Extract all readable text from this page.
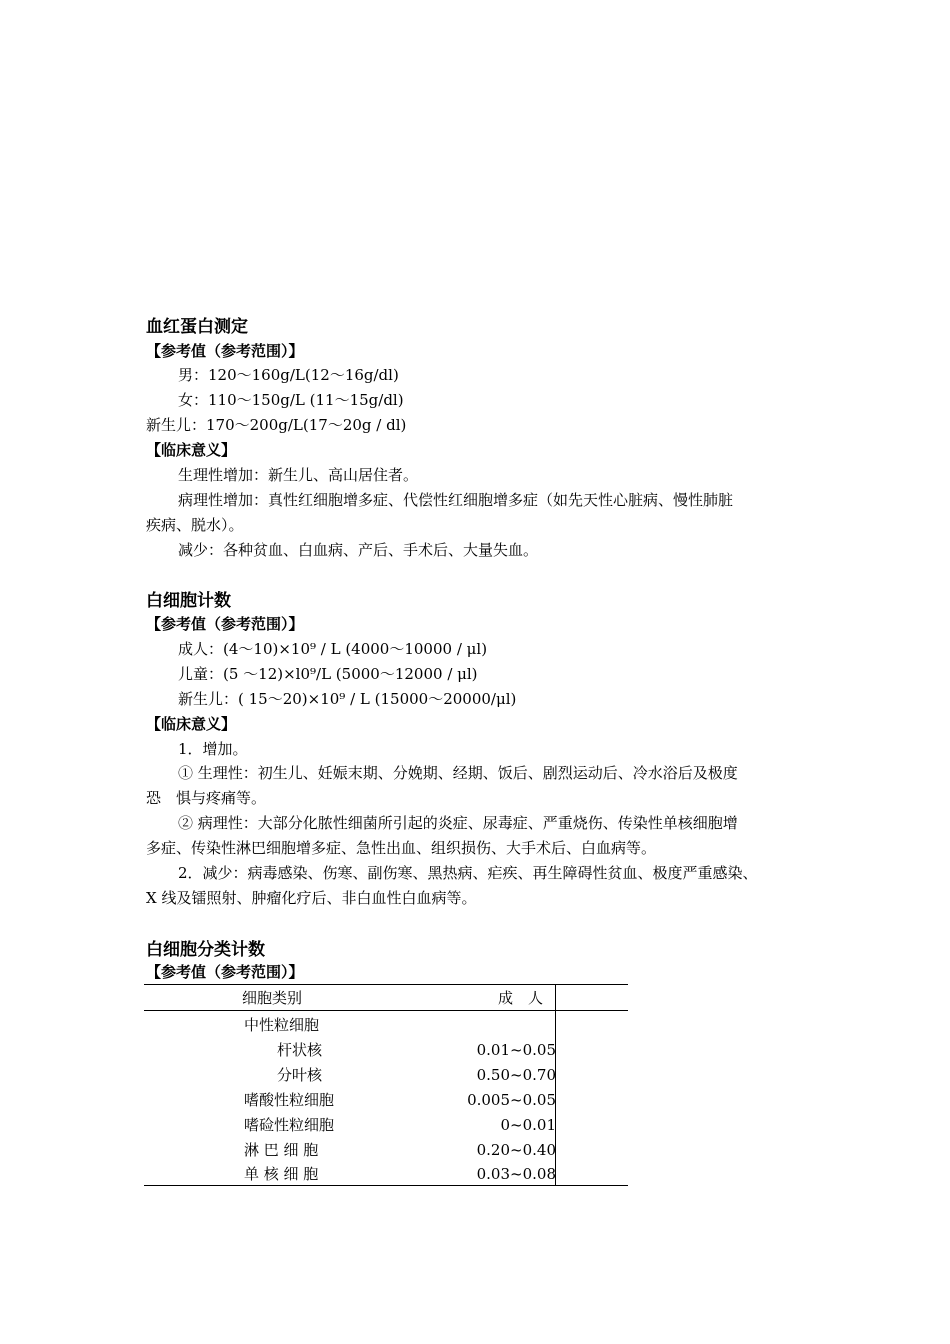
血红蛋白测定
【参考值（参考范围）】
男：120～160g/L(12～16g/dl)
女：110～150g/L (11～15g/dl)
新生儿：170～200g/L(17～20g / dl)
【临床意义】
生理性增加：新生儿、高山居住者。
病理性增加：真性红细胞增多症、代偿性红细胞增多症（如先天性心脏病、慢性肺脏
疾病、脱水）。
减少：各种贫血、白血病、产后、手术后、大量失血。
白细胞计数
【参考值（参考范围）】
成人：(4～10)×10⁹ / L (4000～10000 / μl)
儿童：(5 ～12)×l0⁹/L (5000～12000 / μl)
新生儿：( 15～20)×10⁹ / L (15000～20000/μl)
【临床意义】
1．增加。
① 生理性：初生儿、妊娠末期、分娩期、经期、饭后、剧烈运动后、冷水浴后及极度
恐　惧与疼痛等。
② 病理性：大部分化脓性细菌所引起的炎症、尿毒症、严重烧伤、传染性单核细胞增
多症、传染性淋巴细胞增多症、急性出血、组织损伤、大手术后、白血病等。
2．减少：病毒感染、伤寒、副伤寒、黑热病、疟疾、再生障碍性贫血、极度严重感染、
X 线及镭照射、肿瘤化疗后、非白血性白血病等。
白细胞分类计数
【参考值（参考范围）】
细胞类别	成　人
中性粒细胞
杆状核	0.01~0.05
分叶核	0.50~0.70
嗜酸性粒细胞	0.005~0.05
嗜硷性粒细胞	0~0.01
淋 巴 细 胞	0.20~0.40
单 核 细 胞	0.03~0.08
